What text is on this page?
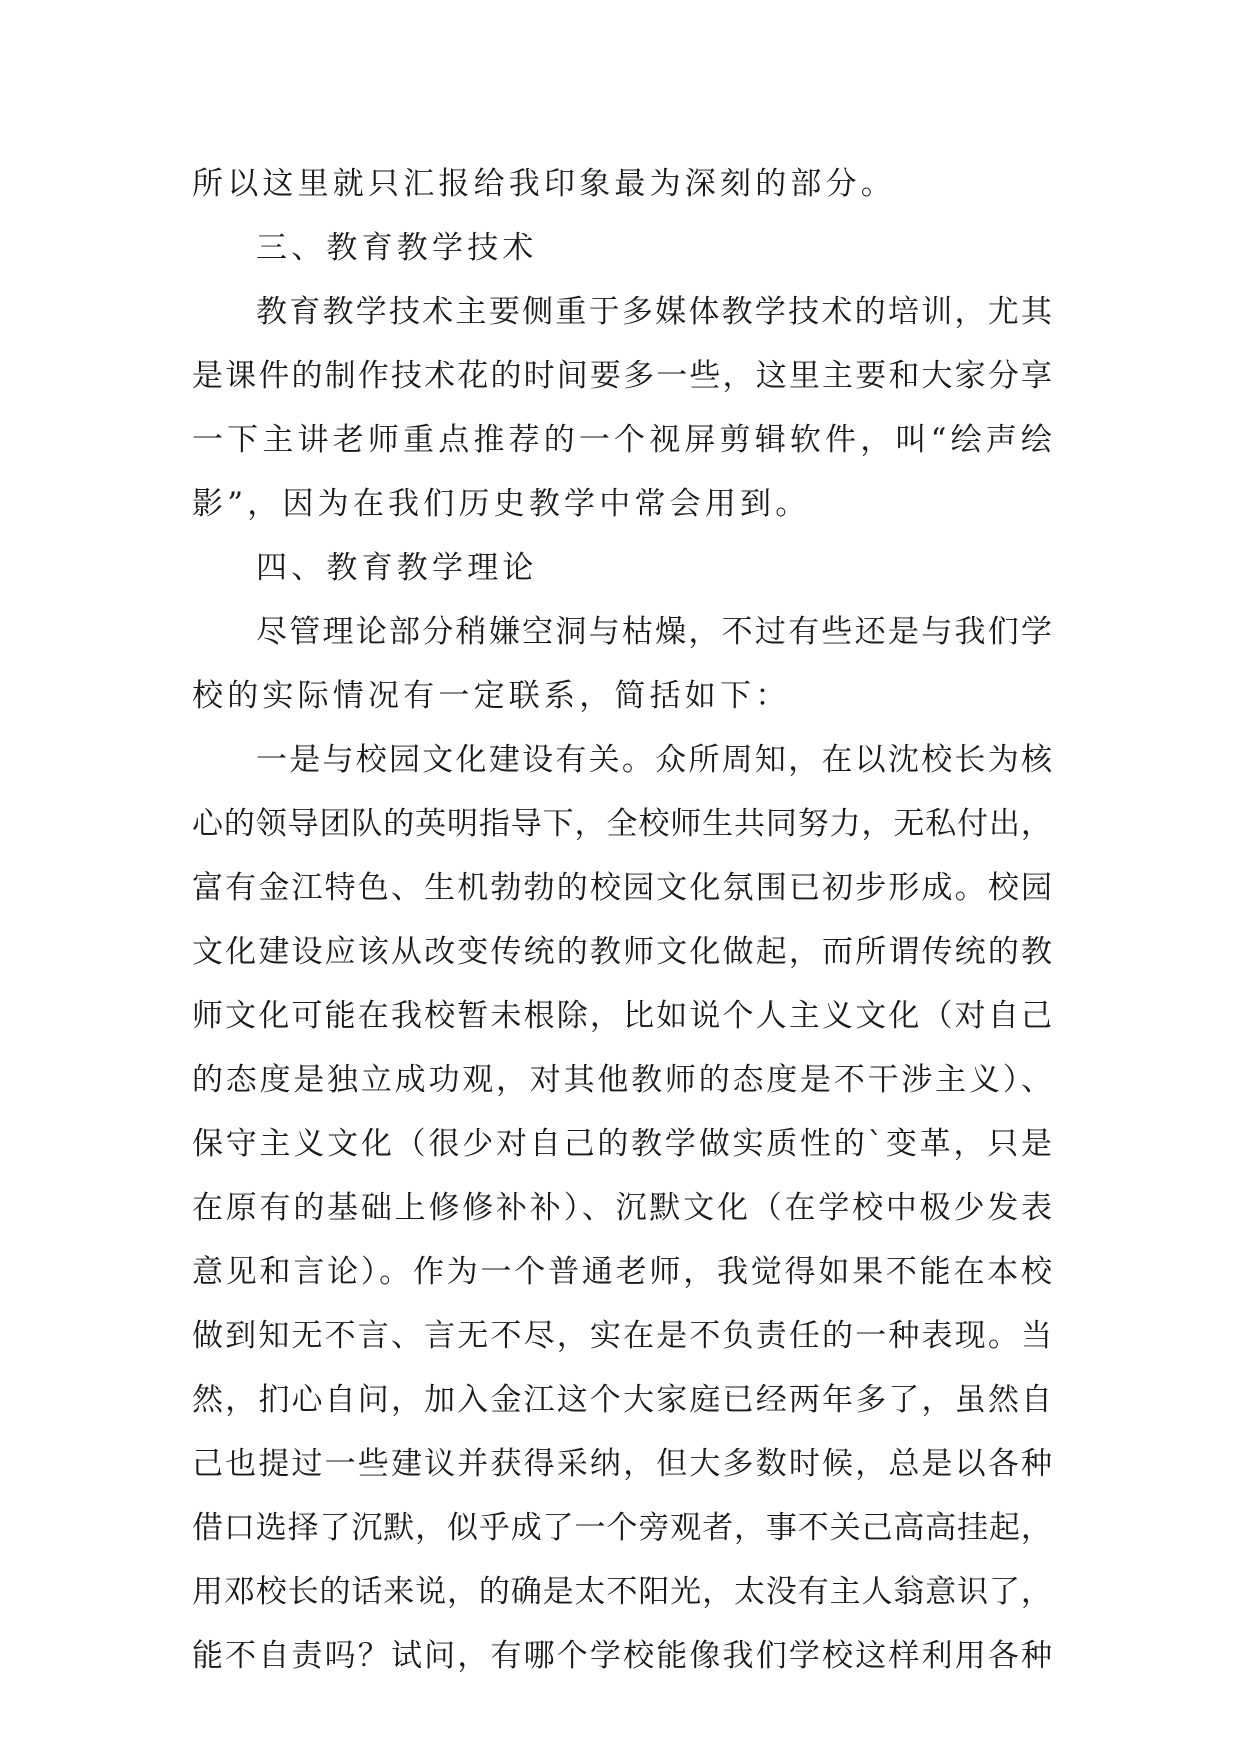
所以这里就只汇报给我印象最为深刻的部分。
三、教育教学技术
教育教学技术主要侧重于多媒体教学技术的培训，尤其
是课件的制作技术花的时间要多一些，这里主要和大家分享
一下主讲老师重点推荐的一个视屏剪辑软件，叫“绘声绘
影”，因为在我们历史教学中常会用到。
四、教育教学理论
尽管理论部分稍嫌空洞与枯燥，不过有些还是与我们学
校的实际情况有一定联系，简括如下：
一是与校园文化建设有关。众所周知，在以沈校长为核
心的领导团队的英明指导下，全校师生共同努力，无私付出，
富有金江特色、生机勃勃的校园文化氛围已初步形成。校园
文化建设应该从改变传统的教师文化做起，而所谓传统的教
师文化可能在我校暂未根除，比如说个人主义文化（对自己
的态度是独立成功观，对其他教师的态度是不干涉主义）、
保守主义文化（很少对自己的教学做实质性的`变革，只是
在原有的基础上修修补补）、沉默文化（在学校中极少发表
意见和言论）。作为一个普通老师，我觉得如果不能在本校
做到知无不言、言无不尽，实在是不负责任的一种表现。当
然，扪心自问，加入金江这个大家庭已经两年多了，虽然自
己也提过一些建议并获得采纳，但大多数时候，总是以各种
借口选择了沉默，似乎成了一个旁观者，事不关己高高挂起，
用邓校长的话来说，的确是太不阳光，太没有主人翁意识了，
能不自责吗？试问，有哪个学校能像我们学校这样利用各种
